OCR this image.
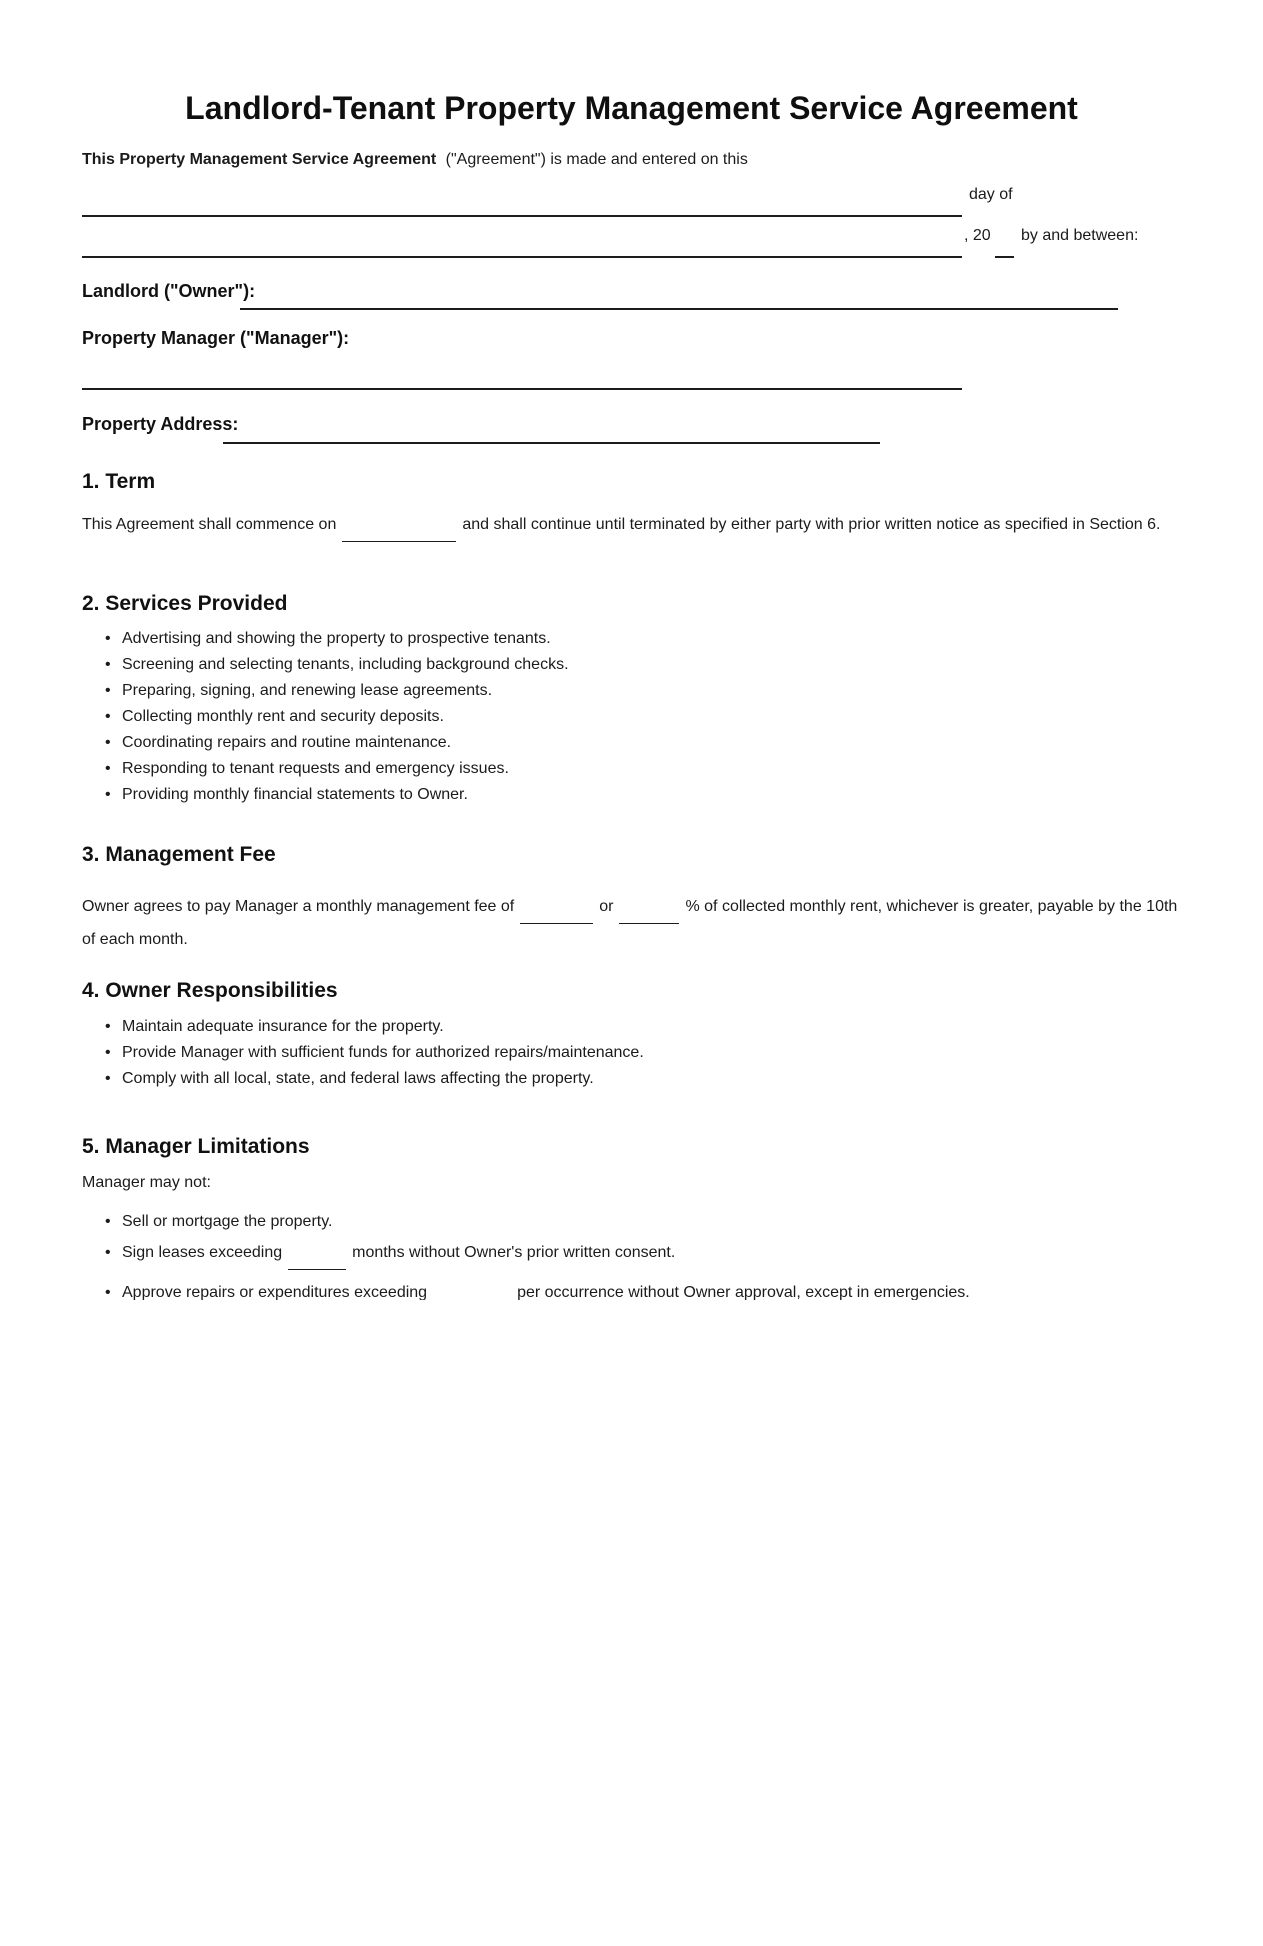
Landlord-Tenant Property Management Service Agreement
This Property Management Service Agreement ("Agreement") is made and entered on this
day of
, 20 by and between:
Landlord ("Owner"):
Property Manager ("Manager"):
Property Address:
1. Term
This Agreement shall commence on	and shall continue until terminated by either party with prior written notice as specified in Section 6.
2. Services Provided
• Advertising and showing the property to prospective tenants.
• Screening and selecting tenants, including background checks.
• Preparing, signing, and renewing lease agreements.
• Collecting monthly rent and security deposits.
• Coordinating repairs and routine maintenance.
• Responding to tenant requests and emergency issues.
• Providing monthly financial statements to Owner.
3. Management Fee
Owner agrees to pay Manager a monthly management fee of	or	% of collected monthly rent, whichever is greater, payable by the 10th
of each month.
4. Owner Responsibilities
• Maintain adequate insurance for the property.
• Provide Manager with sufficient funds for authorized repairs/maintenance.
• Comply with all local, state, and federal laws affecting the property.
5. Manager Limitations
Manager may not:
• Sell or mortgage the property.
• Sign leases exceeding	months without Owner's prior written consent.
• Approve repairs or expenditures exceeding	per occurrence without Owner approval, except in emergencies.
